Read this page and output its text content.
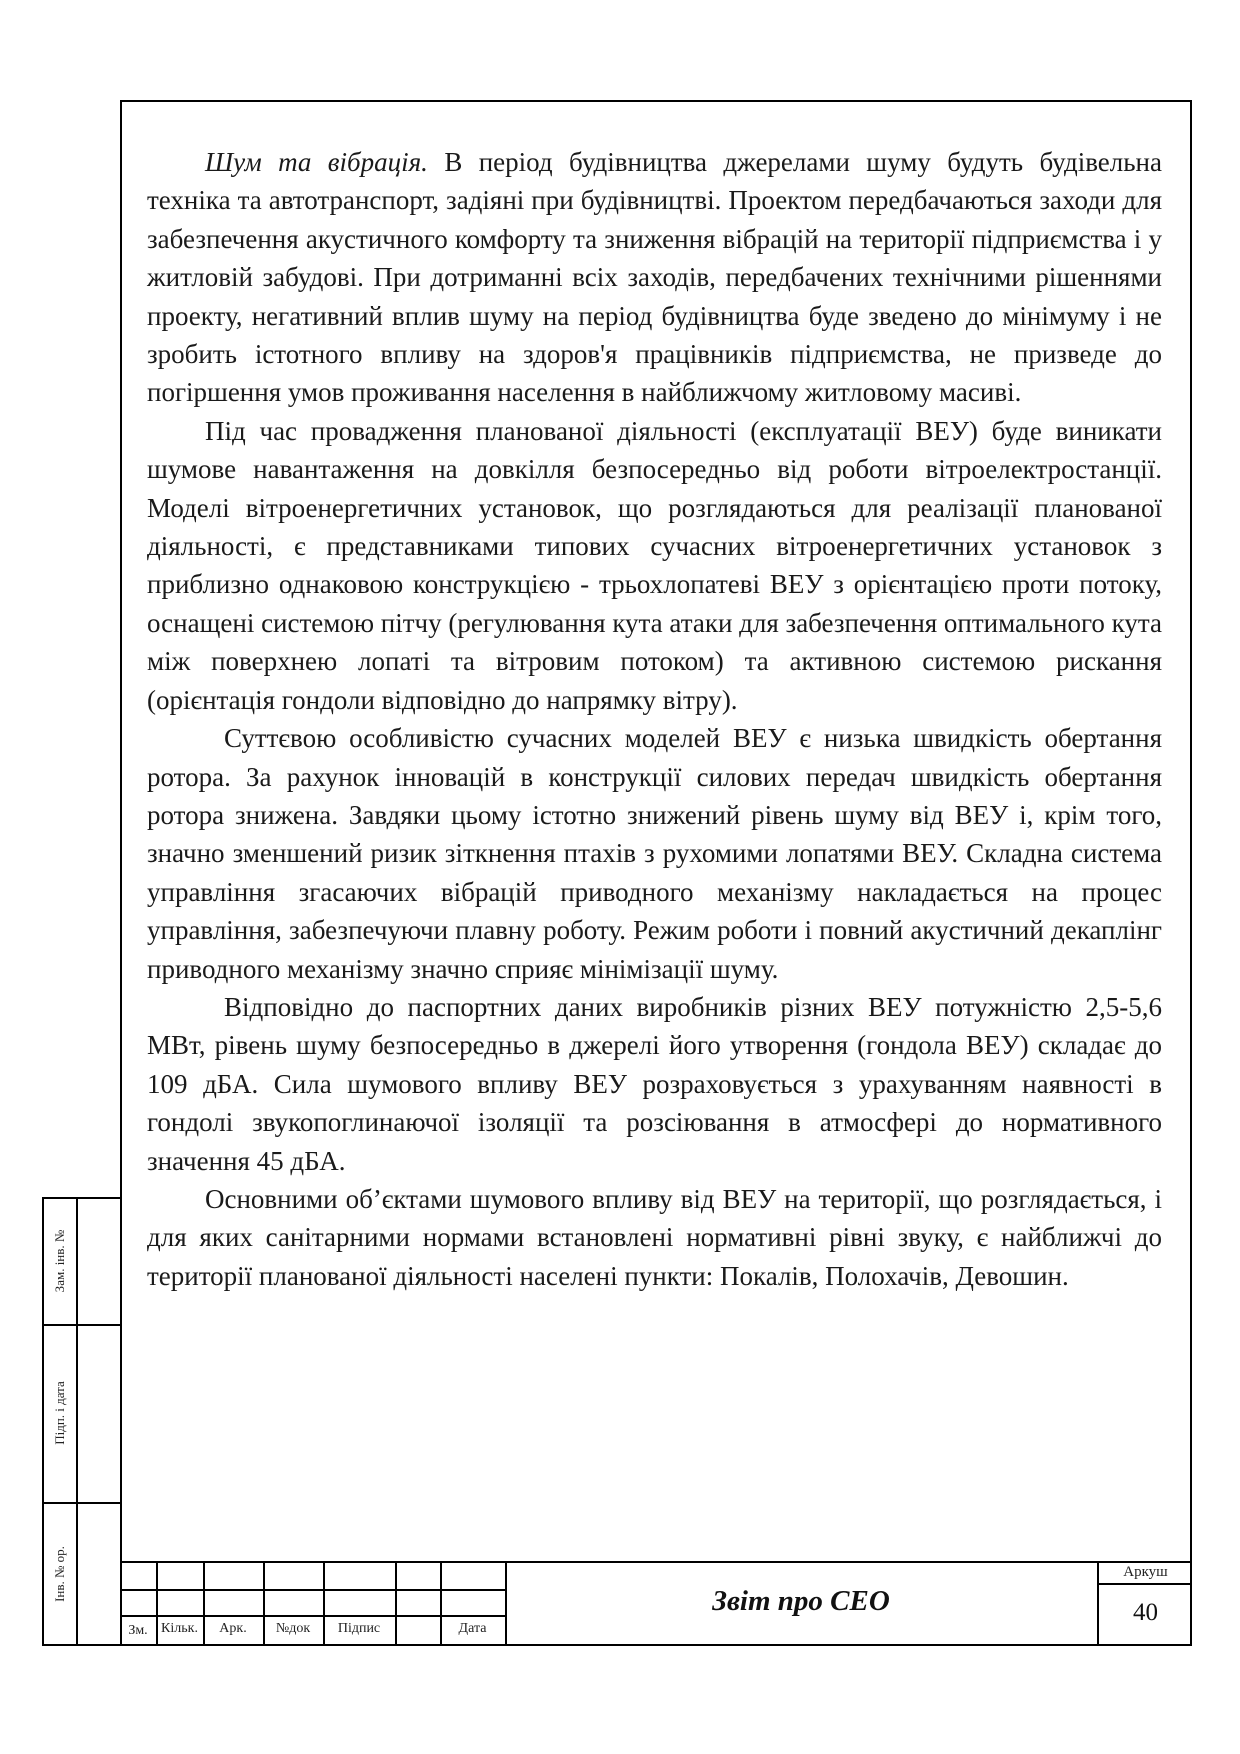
Шум та вібрація. В період будівництва джерелами шуму будуть будівельна техніка та автотранспорт, задіяні при будівництві. Проектом передбачаються заходи для забезпечення акустичного комфорту та зниження вібрацій на території підприємства і у житловій забудові. При дотриманні всіх заходів, передбачених технічними рішеннями проекту, негативний вплив шуму на період будівництва буде зведено до мінімуму і не зробить істотного впливу на здоров'я працівників підприємства, не призведе до погіршення умов проживання населення в найближчому житловому масиві.

Під час провадження планованої діяльності (експлуатації ВЕУ) буде виникати шумове навантаження на довкілля безпосередньо від роботи вітроелектростанції. Моделі вітроенергетичних установок, що розглядаються для реалізації планованої діяльності, є представниками типових сучасних вітроенергетичних установок з приблизно однаковою конструкцією - трьохлопатеві ВЕУ з орієнтацією проти потоку, оснащені системою пітчу (регулювання кута атаки для забезпечення оптимального кута між поверхнею лопаті та вітровим потоком) та активною системою рискання (орієнтація гондоли відповідно до напрямку вітру).

Суттєвою особливістю сучасних моделей ВЕУ є низька швидкість обертання ротора. За рахунок інновацій в конструкції силових передач швидкість обертання ротора знижена. Завдяки цьому істотно знижений рівень шуму від ВЕУ і, крім того, значно зменшений ризик зіткнення птахів з рухомими лопатями ВЕУ. Складна система управління згасаючих вібрацій приводного механізму накладається на процес управління, забезпечуючи плавну роботу. Режим роботи і повний акустичний декаплінг приводного механізму значно сприяє мінімізації шуму.

Відповідно до паспортних даних виробників різних ВЕУ потужністю 2,5-5,6 МВт, рівень шуму безпосередньо в джерелі його утворення (гондола ВЕУ) складає до 109 дБА. Сила шумового впливу ВЕУ розраховується з урахуванням наявності в гондолі звукопоглинаючої ізоляції та розсіювання в атмосфері до нормативного значення 45 дБА.

Основними об’єктами шумового впливу від ВЕУ на території, що розглядається, і для яких санітарними нормами встановлені нормативні рівні звуку, є найближчі до території планованої діяльності населені пункти: Покалів, Полохачів, Девошин.

Зам. інв. №
Підп. і дата
Інв. № ор.
Зм. Кільк.	Арк.	№док	Підпис	Дата
Звіт про СЕО
Аркуш
40
